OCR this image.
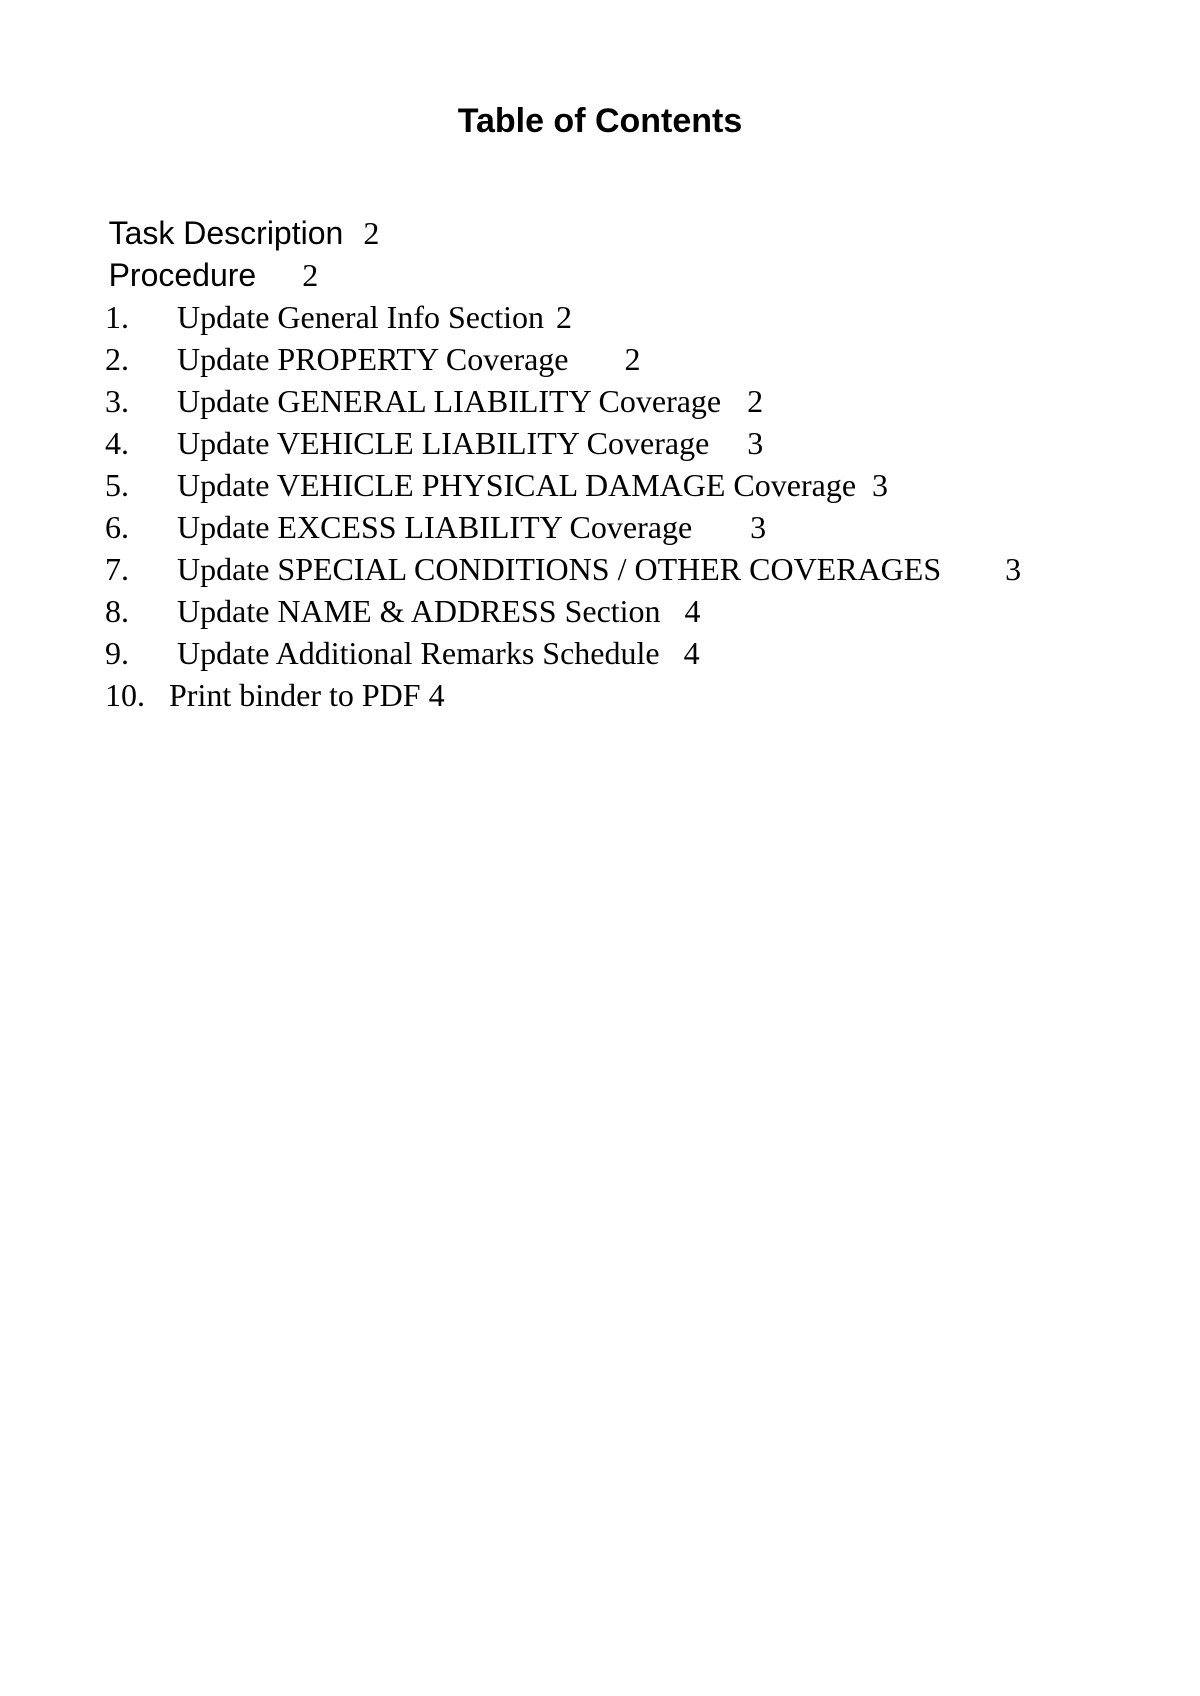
Table of Contents

Task Description 2

Procedure 2

1. Update General Info Section 2

2. Update PROPERTY Coverage 2

3. Update GENERAL LIABILITY Coverage 2

4. Update VEHICLE LIABILITY Coverage 3

5. Update VEHICLE PHYSICAL DAMAGE Coverage 3

6. Update EXCESS LIABILITY Coverage 3

7. Update SPECIAL CONDITIONS / OTHER COVERAGES 3

8. Update NAME & ADDRESS Section 4

9. Update Additional Remarks Schedule 4

10. Print binder to PDF 4
